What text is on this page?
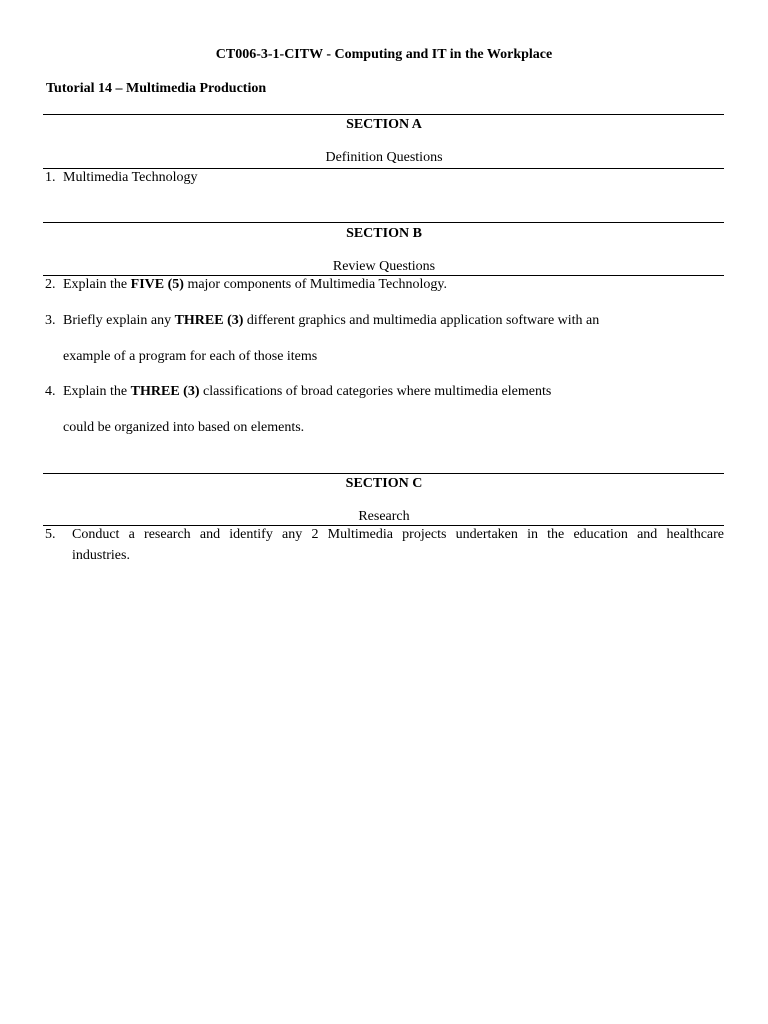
CT006-3-1-CITW - Computing and IT in the Workplace
Tutorial 14 – Multimedia Production
SECTION A
Definition Questions
1. Multimedia Technology
SECTION B
Review Questions
2. Explain the FIVE (5) major components of Multimedia Technology.
3. Briefly explain any THREE (3) different graphics and multimedia application software with an
example of a program for each of those items
4. Explain the THREE (3) classifications of broad categories where multimedia elements
could be organized into based on elements.
SECTION C
Research
5. Conduct a research and identify any 2 Multimedia projects undertaken in the education and healthcare
industries.
